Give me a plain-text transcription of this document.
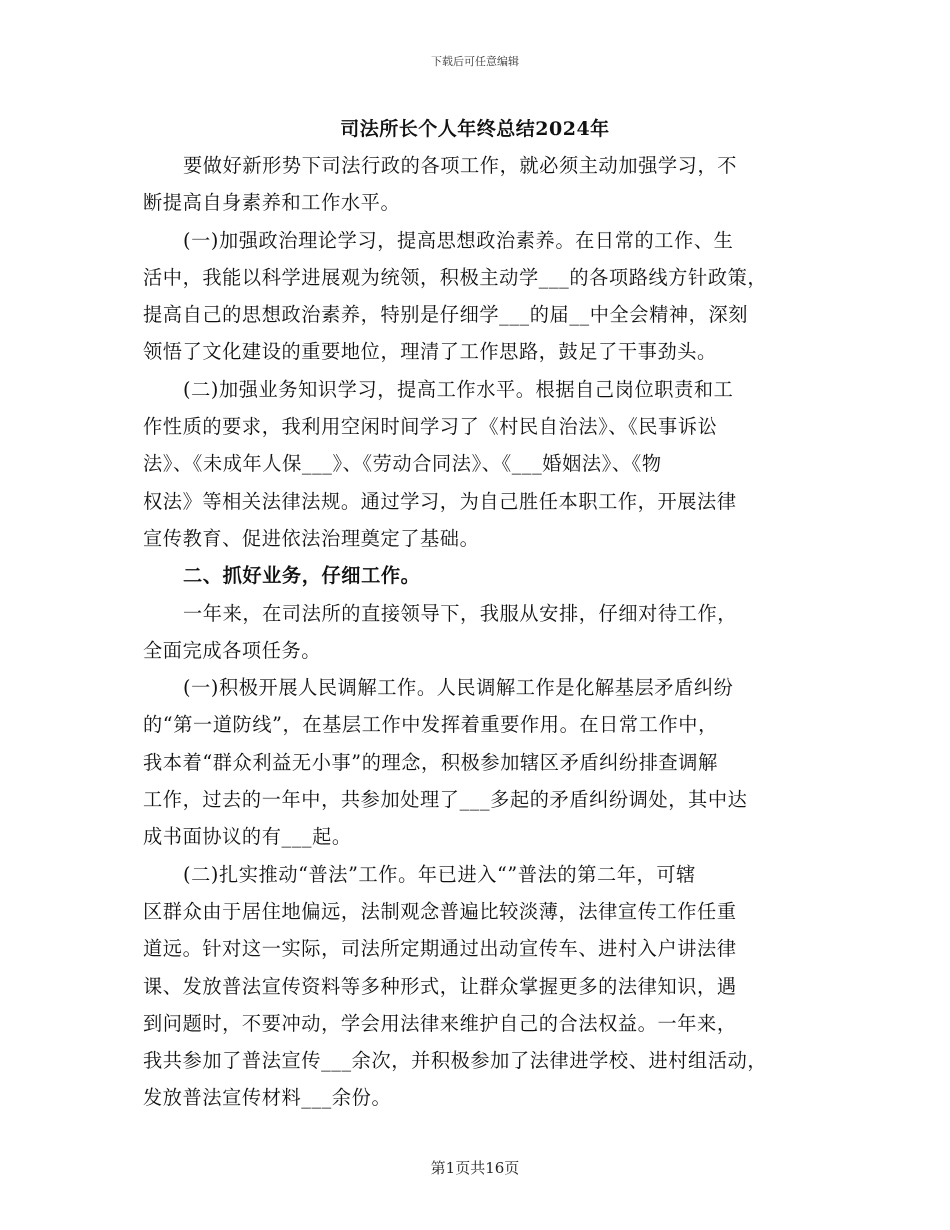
下载后可任意编辑
司法所长个人年终总结2024年
要做好新形势下司法行政的各项工作，就必须主动加强学习，不
断提高自身素养和工作水平。
(一)加强政治理论学习，提高思想政治素养。在日常的工作、生
活中，我能以科学进展观为统领，积极主动学___的各项路线方针政策，
提高自己的思想政治素养，特别是仔细学___的届__中全会精神，深刻
领悟了文化建设的重要地位，理清了工作思路，鼓足了干事劲头。
(二)加强业务知识学习，提高工作水平。根据自己岗位职责和工
作性质的要求，我利用空闲时间学习了《村民自治法》、《民事诉讼
法》、《未成年人保___》、《劳动合同法》、《___婚姻法》、《物
权法》等相关法律法规。通过学习，为自己胜任本职工作，开展法律
宣传教育、促进依法治理奠定了基础。
二、抓好业务，仔细工作。
一年来，在司法所的直接领导下，我服从安排，仔细对待工作，
全面完成各项任务。
(一)积极开展人民调解工作。人民调解工作是化解基层矛盾纠纷
的“第一道防线”，在基层工作中发挥着重要作用。在日常工作中，
我本着“群众利益无小事”的理念，积极参加辖区矛盾纠纷排查调解
工作，过去的一年中，共参加处理了___多起的矛盾纠纷调处，其中达
成书面协议的有___起。
(二)扎实推动“普法”工作。年已进入“”普法的第二年，可辖
区群众由于居住地偏远，法制观念普遍比较淡薄，法律宣传工作任重
道远。针对这一实际，司法所定期通过出动宣传车、进村入户讲法律
课、发放普法宣传资料等多种形式，让群众掌握更多的法律知识，遇
到问题时，不要冲动，学会用法律来维护自己的合法权益。一年来，
我共参加了普法宣传___余次，并积极参加了法律进学校、进村组活动，
发放普法宣传材料___余份。
第1页共16页
